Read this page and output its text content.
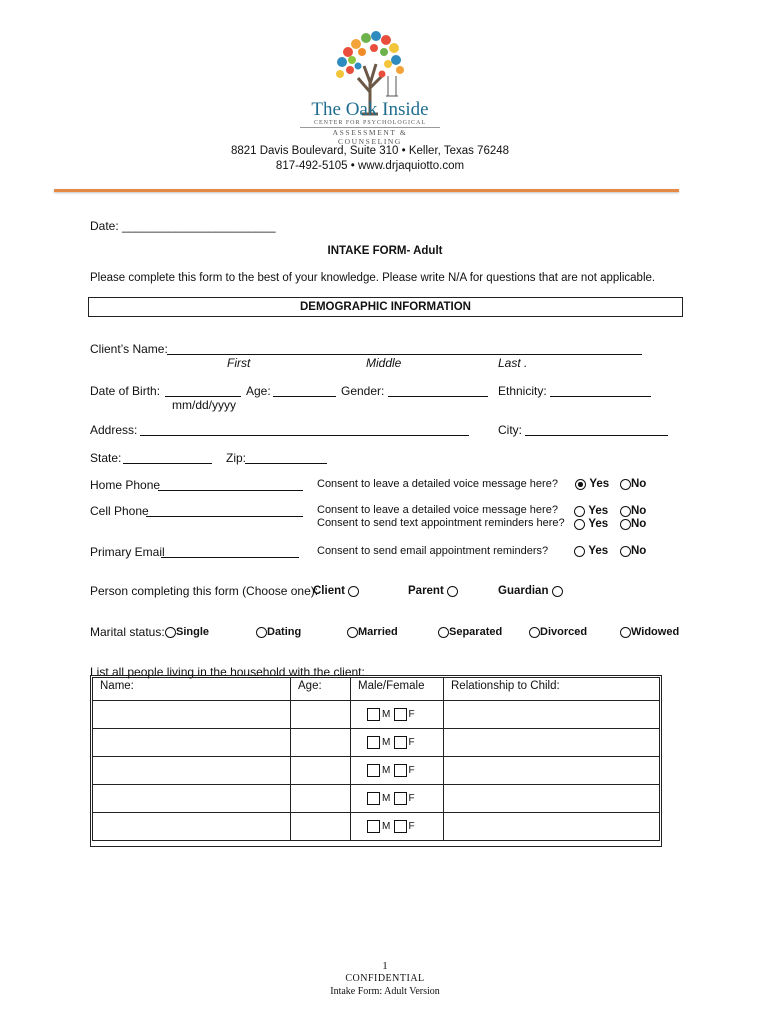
The Oak Inside
CENTER FOR PSYCHOLOGICAL
ASSESSMENT & COUNSELING
8821 Davis Boulevard, Suite 310 • Keller, Texas 76248
817-492-5105 • www.drjaquiotto.com
Date: _______________________
INTAKE FORM- Adult
Please complete this form to the best of your knowledge. Please write N/A for questions that are not applicable.
DEMOGRAPHIC INFORMATION
Client’s Name:
First	Middle	Last .
Date of Birth:
mm/dd/yyyy
Age:	Gender:	Ethnicity:
Address:	City:
State:	Zip:
Home Phone	Consent to leave a detailed voice message here?	Yes	No
Cell Phone	Consent to leave a detailed voice message here?
Consent to send text appointment reminders here?
Yes	No
Yes	No
Primary Email	Consent to send email appointment reminders?	Yes	No
Person completing this form (Choose one):
Client	Parent	Guardian
Marital status:	Single	Dating	Married	Separated	Divorced	Widowed
List all people living in the household with the client:
Name:	Age:	Male/Female	Relationship to Child:
		M F	
		M F	
		M F	
		M F	
		M F	
1
CONFIDENTIAL
Intake Form: Adult Version
